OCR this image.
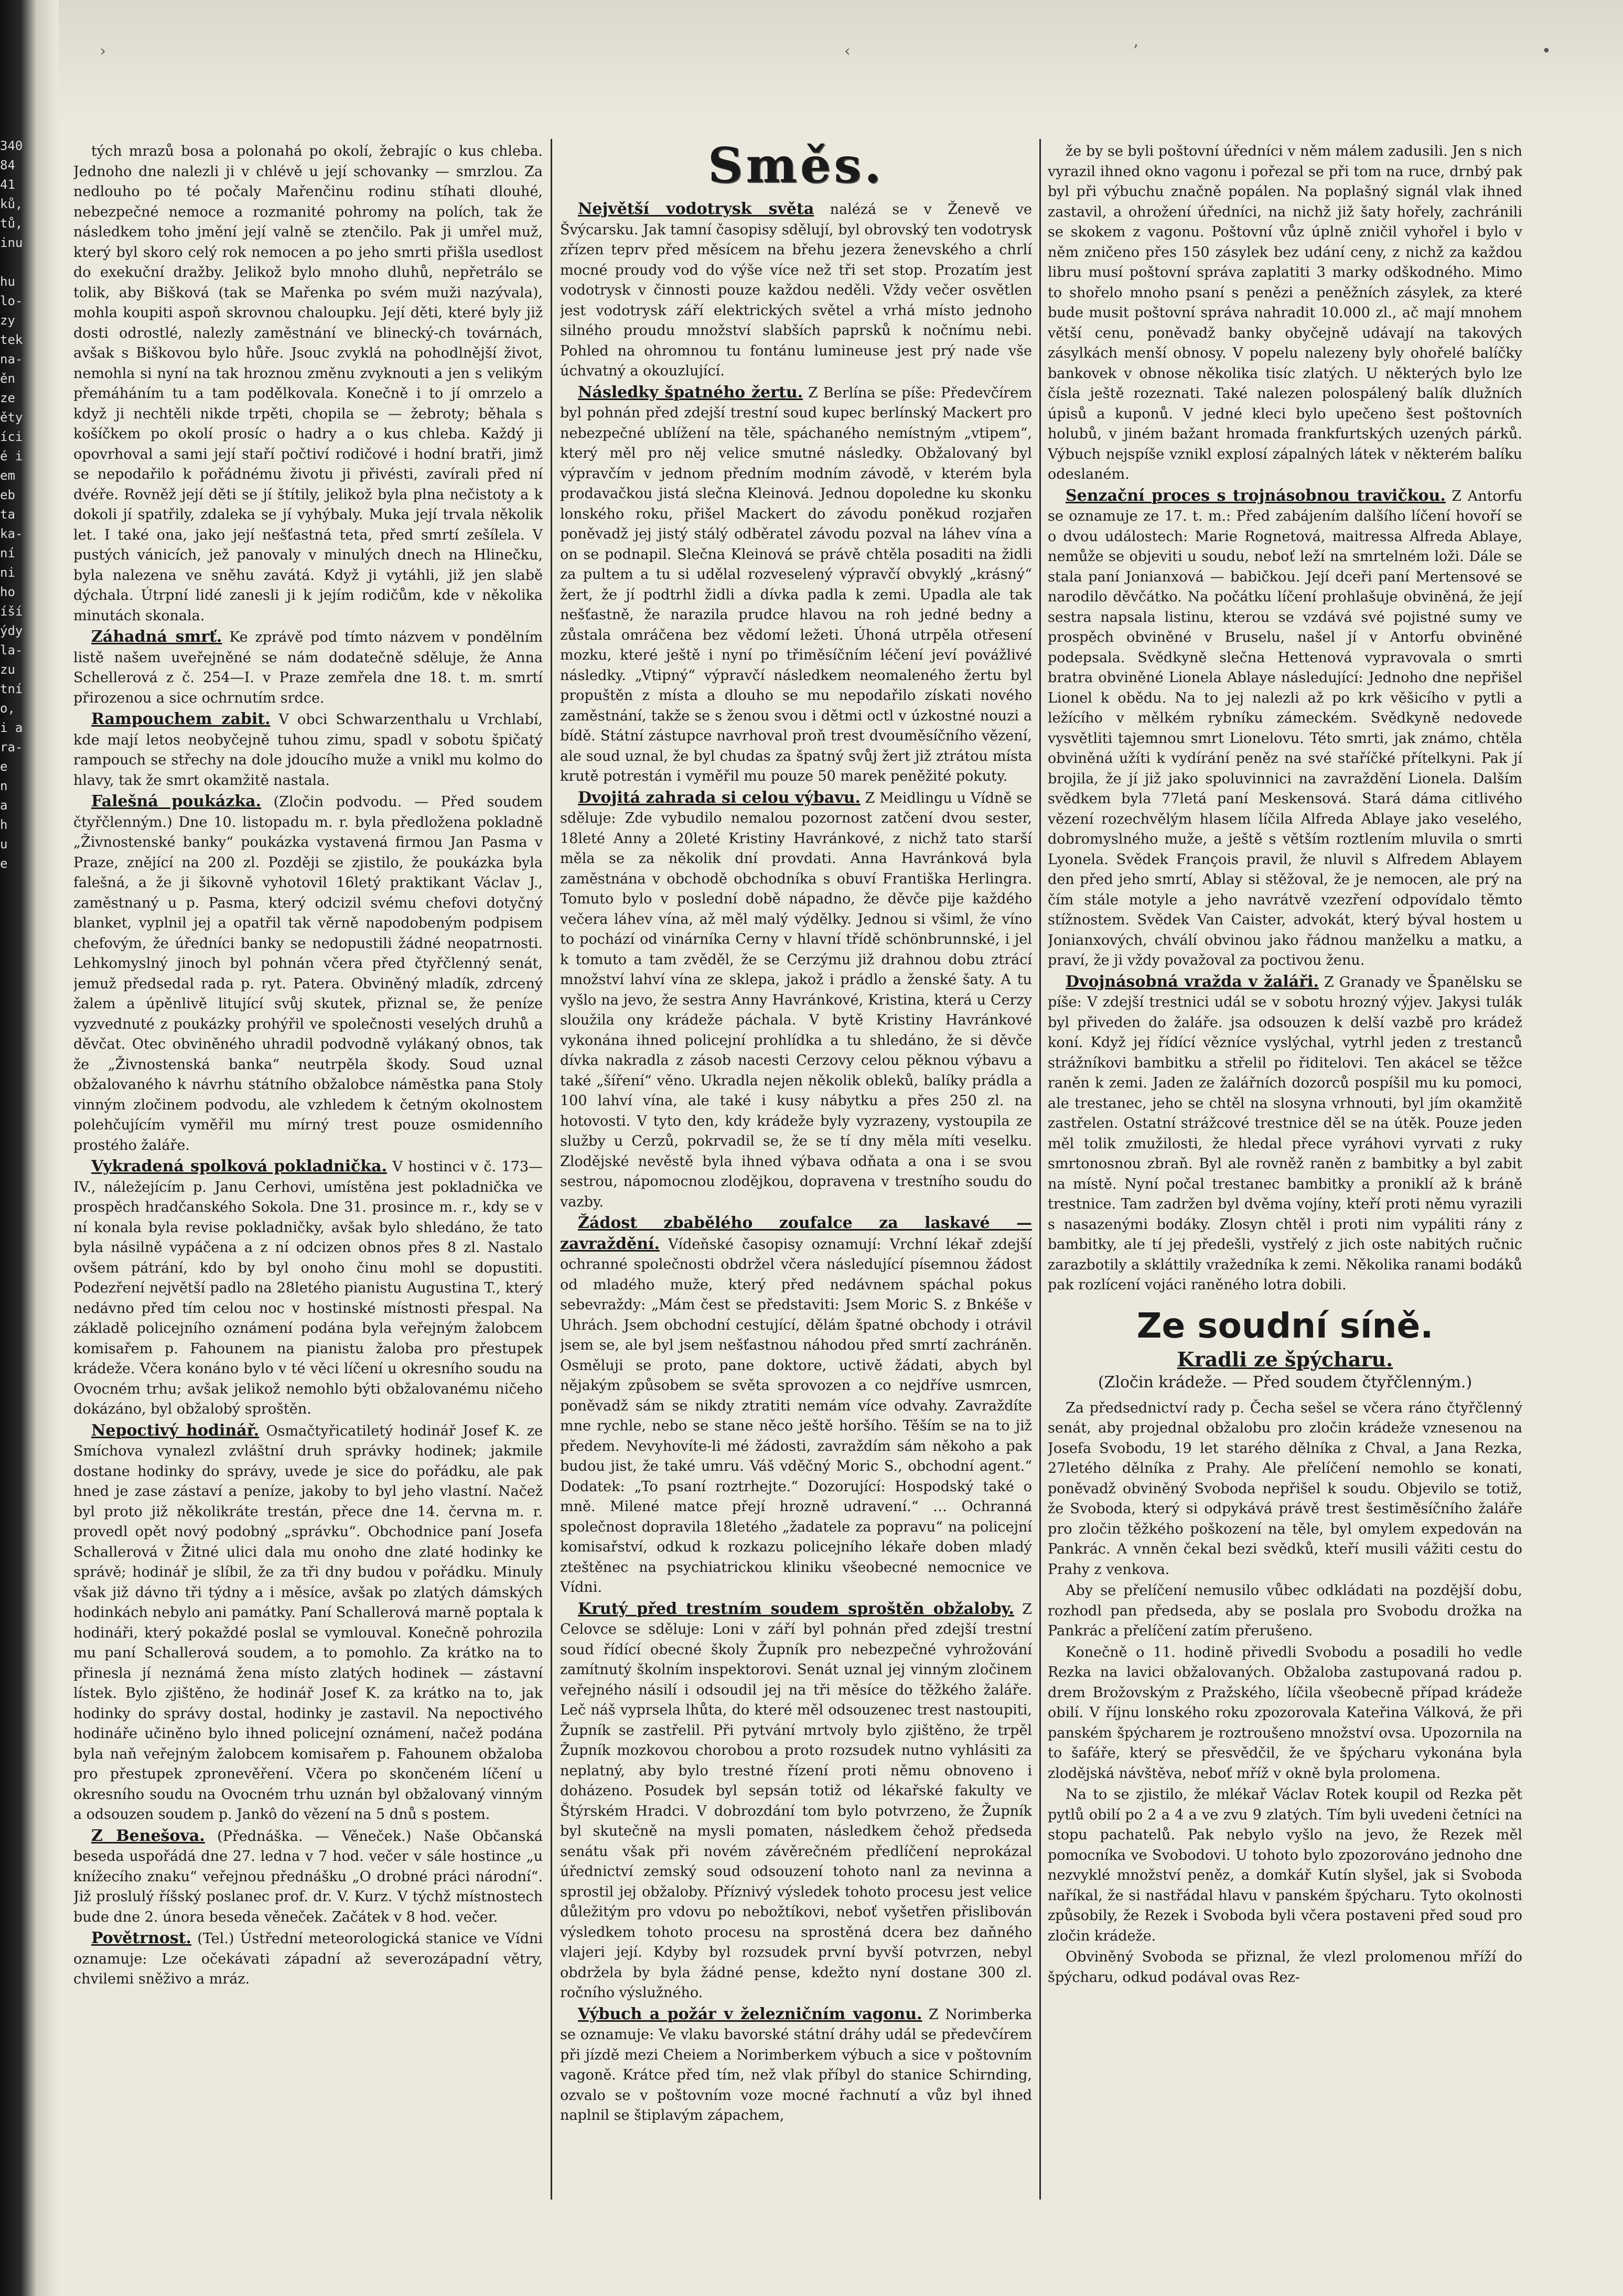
340
84
41
ků,
tů,
inu

hu
lo-
zy
tek
na-
ěn
ze
ěty
íci
é i
em
eb
ta
ka-
ní
ni
ho
íší
ýdy
la-
zu
tní
o,
i a
ra-
e
n
a
h
u
e
›	‹	ʼ	•

tých mrazů bosa a polonahá po okolí, žebrajíc o kus chleba. Jednoho dne nalezli ji v chlévě u její schovanky — smrzlou. Za nedlouho po té počaly Mařenčinu rodinu stíhati dlouhé, nebezpečné nemoce a rozmanité pohromy na polích, tak že následkem toho jmění její valně se ztenčilo. Pak ji umřel muž, který byl skoro celý rok nemocen a po jeho smrti přišla usedlost do exekuční dražby. Jelikož bylo mnoho dluhů, nepřetrálo se tolik, aby Bišková (tak se Mařenka po svém muži nazývala), mohla koupiti aspoň skrovnou chaloupku. Její děti, které byly již dosti odrostlé, nalezly zaměstnání ve blinecký-ch továrnách, avšak s Biškovou bylo hůře. Jsouc zvyklá na pohodlnější život, nemohla si nyní na tak hroznou změnu zvyknouti a jen s velikým přemáháním tu a tam podělkovala. Konečně i to jí omrzelo a když ji nechtěli nikde trpěti, chopila se — žebroty; běhala s košíčkem po okolí prosíc o hadry a o kus chleba. Každý ji opovrhoval a sami její staří počtiví rodičové i hodní bratři, jimž se nepodařilo k pořádnému životu ji přivésti, zavírali před ní dvéře. Rovněž její děti se jí štítily, jelikož byla plna nečistoty a k dokoli jí spatřily, zdaleka se jí vyhýbaly. Muka její trvala několik let. I také ona, jako její nešťastná teta, před smrtí zešílela. V pustých vánicích, jež panovaly v minulých dnech na Hlinečku, byla nalezena ve sněhu zavátá. Když ji vytáhli, již jen slabě dýchala. Útrpní lidé zanesli ji k jejím rodičům, kde v několika minutách skonala.

Záhadná smrť. Ke zprávě pod tímto názvem v pondělním listě našem uveřejněné se nám dodatečně sděluje, že Anna Schellerová z č. 254—I. v Praze zemřela dne 18. t. m. smrtí přirozenou a sice ochrnutím srdce.

Rampouchem zabit. V obci Schwarzenthalu u Vrchlabí, kde mají letos neobyčejně tuhou zimu, spadl v sobotu špičatý rampouch se střechy na dole jdoucího muže a vnikl mu kolmo do hlavy, tak že smrt okamžitě nastala.

Falešná poukázka. (Zločin podvodu. — Před soudem čtyřčlenným.) Dne 10. listopadu m. r. byla předložena pokladně „Živnostenské banky“ poukázka vystavená firmou Jan Pasma v Praze, znějící na 200 zl. Později se zjistilo, že poukázka byla falešná, a že ji šikovně vyhotovil 16letý praktikant Václav J., zaměstnaný u p. Pasma, který odcizil svému chefovi dotyčný blanket, vyplnil jej a opatřil tak věrně napodobeným podpisem chefovým, že úředníci banky se nedopustili žádné neopatrnosti. Lehkomyslný jinoch byl pohnán včera před čtyřčlenný senát, jemuž předsedal rada p. ryt. Patera. Obviněný mladík, zdrcený žalem a úpěnlivě litující svůj skutek, přiznal se, že peníze vyzvednuté z poukázky prohýřil ve společnosti veselých druhů a děvčat. Otec obviněného uhradil podvodně vylákaný obnos, tak že „Živnostenská banka“ neutrpěla škody. Soud uznal obžalovaného k návrhu státního obžalobce náměstka pana Stoly vinným zločinem podvodu, ale vzhledem k četným okolnostem polehčujícím vyměřil mu mírný trest pouze osmidenního prostého žaláře.

Vykradená spolková pokladnička. V hostinci v č. 173—IV., náležejícím p. Janu Cerhovi, umístěna jest pokladnička ve prospěch hradčanského Sokola. Dne 31. prosince m. r., kdy se v ní konala byla revise pokladničky, avšak bylo shledáno, že tato byla násilně vypáčena a z ní odcizen obnos přes 8 zl. Nastalo ovšem pátrání, kdo by byl onoho činu mohl se dopustiti. Podezření největší padlo na 28letého pianistu Augustina T., který nedávno před tím celou noc v hostinské místnosti přespal. Na základě policejního oznámení podána byla veřejným žalobcem komisařem p. Fahounem na pianistu žaloba pro přestupek krádeže. Včera konáno bylo v té věci líčení u okresního soudu na Ovocném trhu; avšak jelikož nemohlo býti obžalovanému ničeho dokázáno, byl obžalobý sproštěn.

Nepoctivý hodinář. Osmačtyřicatiletý hodinář Josef K. ze Smíchova vynalezl zvláštní druh správky hodinek; jakmile dostane hodinky do správy, uvede je sice do pořádku, ale pak hned je zase zástaví a peníze, jakoby to byl jeho vlastní. Načež byl proto již několikráte trestán, přece dne 14. června m. r. provedl opět nový podobný „správku“. Obchodnice paní Josefa Schallerová v Žitné ulici dala mu onoho dne zlaté hodinky ke správě; hodinář je slíbil, že za tři dny budou v pořádku. Minuly však již dávno tři týdny a i měsíce, avšak po zlatých dámských hodinkách nebylo ani památky. Paní Schallerová marně poptala k hodináři, který pokaždé poslal se vymlouval. Konečně pohrozila mu paní Schallerová soudem, a to pomohlo. Za krátko na to přinesla jí neznámá žena místo zlatých hodinek — zástavní lístek. Bylo zjištěno, že hodinář Josef K. za krátko na to, jak hodinky do správy dostal, hodinky je zastavil. Na nepoctivého hodináře učiněno bylo ihned policejní oznámení, načež podána byla naň veřejným žalobcem komisařem p. Fahounem obžaloba pro přestupek zpronevěření. Včera po skončeném líčení u okresního soudu na Ovocném trhu uznán byl obžalovaný vinným a odsouzen soudem p. Jankô do vězení na 5 dnů s postem.

Z Benešova. (Přednáška. — Věneček.) Naše Občanská beseda uspořádá dne 27. ledna v 7 hod. večer v sále hostince „u knížecího znaku“ veřejnou přednášku „O drobné práci národní“. Již proslulý říšský poslanec prof. dr. V. Kurz. V týchž místnostech bude dne 2. února beseda věneček. Začátek v 8 hod. večer.

Povětrnost. (Tel.) Ústřední meteorologická stanice ve Vídni oznamuje: Lze očekávati západní až severozápadní větry, chvilemi sněživo a mráz.

Směs.

Největší vodotrysk světa nalézá se v Ženevě ve Švýcarsku. Jak tamní časopisy sdělují, byl obrovský ten vodotrysk zřízen teprv před měsícem na břehu jezera ženevského a chrlí mocné proudy vod do výše více než tři set stop. Prozatím jest vodotrysk v činnosti pouze každou neděli. Vždy večer osvětlen jest vodotrysk září elektrických světel a vrhá místo jednoho silného proudu množství slabších paprsků k nočnímu nebi. Pohled na ohromnou tu fontánu lumineuse jest prý nade vše úchvatný a okouzlující.

Následky špatného žertu. Z Berlína se píše: Předevčírem byl pohnán před zdejší trestní soud kupec berlínský Mackert pro nebezpečné ublížení na těle, spáchaného nemístným „vtipem“, který měl pro něj velice smutné následky. Obžalovaný byl výpravčím v jednom předním modním závodě, v kterém byla prodavačkou jistá slečna Kleinová. Jednou dopoledne ku skonku lonského roku, přišel Mackert do závodu poněkud rozjařen poněvadž jej jistý stálý odběratel závodu pozval na láhev vína a on se podnapil. Slečna Kleinová se právě chtěla posaditi na židli za pultem a tu si udělal rozveselený výpravčí obvyklý „krásný“ žert, že jí podtrhl židli a dívka padla k zemi. Upadla ale tak nešťastně, že narazila prudce hlavou na roh jedné bedny a zůstala omráčena bez vědomí ležeti. Úhoná utrpěla otřesení mozku, které ještě i nyní po třiměsíčním léčení jeví povážlivé následky. „Vtipný“ výpravčí následkem neomaleného žertu byl propuštěn z místa a dlouho se mu nepodařilo získati nového zaměstnání, takže se s ženou svou i dětmi octl v úzkostné nouzi a bídě. Státní zástupce navrhoval proň trest dvouměsíčního vězení, ale soud uznal, že byl chudas za špatný svůj žert již ztrátou místa krutě potrestán i vyměřil mu pouze 50 marek peněžité pokuty.

Dvojitá zahrada si celou výbavu. Z Meidlingu u Vídně se sděluje: Zde vybudilo nemalou pozornost zatčení dvou sester, 18leté Anny a 20leté Kristiny Havránkové, z nichž tato starší měla se za několik dní provdati. Anna Havránková byla zaměstnána v obchodě obchodníka s obuví Františka Herlingra. Tomuto bylo v poslední době nápadno, že děvče pije každého večera láhev vína, až měl malý výdělky. Jednou si všiml, že víno to pochází od vinárníka Cerny v hlavní třídě schönbrunnské, i jel k tomuto a tam zvěděl, že se Cerzýmu již drahnou dobu ztrácí množství lahví vína ze sklepa, jakož i prádlo a ženské šaty. A tu vyšlo na jevo, že sestra Anny Havránkové, Kristina, která u Cerzy sloužila ony krádeže páchala. V bytě Kristiny Havránkové vykonána ihned policejní prohlídka a tu shledáno, že si děvče dívka nakradla z zásob nacesti Cerzovy celou pěknou výbavu a také „šíření“ věno. Ukradla nejen několik obleků, balíky prádla a 100 lahví vína, ale také i kusy nábytku a přes 250 zl. na hotovosti. V tyto den, kdy krádeže byly vyzrazeny, vystoupila ze služby u Cerzů, pokrvadil se, že se tí dny měla míti veselku. Zlodějské nevěstě byla ihned výbava odňata a ona i se svou sestrou, nápomocnou zlodějkou, dopravena v trestního soudu do vazby.

Žádost zbabělého zoufalce za laskavé — zavraždění. Vídeňské časopisy oznamují: Vrchní lékař zdejší ochranné společnosti obdržel včera následující písemnou žádost od mladého muže, který před nedávnem spáchal pokus sebevraždy: „Mám čest se představiti: Jsem Moric S. z Bnkéše v Uhrách. Jsem obchodní cestující, dělám špatné obchody i otrávil jsem se, ale byl jsem nešťastnou náhodou před smrtí zachráněn. Osměluji se proto, pane doktore, uctivě žádati, abych byl nějakým způsobem se světa sprovozen a co nejdříve usmrcen, poněvadž sám se nikdy ztratiti nemám více odvahy. Zavraždíte mne rychle, nebo se stane něco ještě horšího. Těším se na to již předem. Nevyhovíte-li mé žádosti, zavraždím sám někoho a pak budou jist, že také umru. Váš vděčný Moric S., obchodní agent.“ Dodatek: „To psaní roztrhejte.“ Dozorující: Hospodský také o mně. Milené matce přejí hrozně udravení.“ … Ochranná společnost dopravila 18letého „žadatele za popravu“ na policejní komisařství, odkud k rozkazu policejního lékaře doben mladý zteštěnec na psychiatrickou kliniku všeobecné nemocnice ve Vídni.

Krutý před trestním soudem sproštěn obžaloby. Z Celovce se sděluje: Loni v září byl pohnán před zdejší trestní soud řídící obecné školy Župník pro nebezpečné vyhrožování zamítnutý školním inspektorovi. Senát uznal jej vinným zločinem veřejného násilí i odsoudil jej na tři měsíce do těžkého žaláře. Leč náš vyprsela lhůta, do které měl odsouzenec trest nastoupiti, Župník se zastřelil. Při pytvání mrtvoly bylo zjištěno, že trpěl Župník mozkovou chorobou a proto rozsudek nutno vyhlásiti za neplatný, aby bylo trestné řízení proti němu obnoveno i doházeno. Posudek byl sepsán totiž od lékařské fakulty ve Štýrském Hradci. V dobrozdání tom bylo potvrzeno, že Župník byl skutečně na mysli pomaten, následkem čehož předseda senátu však při novém závěrečném předlíčení neprokázal úřednictví zemský soud odsouzení tohoto nanl za nevinna a sprostil jej obžaloby. Příznivý výsledek tohoto procesu jest velice důležitým pro vdovu po nebožtíkovi, neboť vyšetřen přislibován výsledkem tohoto procesu na sprostěná dcera bez daňného vlajeri její. Kdyby byl rozsudek první byvší potvrzen, nebyl obdržela by byla žádné pense, kdežto nyní dostane 300 zl. ročního výslužného.

Výbuch a požár v železničním vagonu. Z Norimberka se oznamuje: Ve vlaku bavorské státní dráhy udál se předevčírem při jízdě mezi Cheiem a Norimberkem výbuch a sice v poštovním vagoně. Krátce před tím, než vlak příbyl do stanice Schirnding, ozvalo se v poštovním voze mocné řachnutí a vůz byl ihned naplnil se štiplavým zápachem,

že by se byli poštovní úředníci v něm málem zadusili. Jen s nich vyrazil ihned okno vagonu i pořezal se při tom na ruce, drnbý pak byl při výbuchu značně popálen. Na poplašný signál vlak ihned zastavil, a ohrožení úředníci, na nichž již šaty hořely, zachránili se skokem z vagonu. Poštovní vůz úplně zničil vyhořel i bylo v něm zničeno přes 150 zásylek bez udání ceny, z nichž za každou libru musí poštovní správa zaplatiti 3 marky odškodného. Mimo to shořelo mnoho psaní s penězi a peněžních zásylek, za které bude musit poštovní správa nahradit 10.000 zl., ač mají mnohem větší cenu, poněvadž banky obyčejně udávají na takových zásylkách menší obnosy. V popelu nalezeny byly ohořelé balíčky bankovek v obnose několika tisíc zlatých. U některých bylo lze čísla ještě rozeznati. Také nalezen polospálený balík dlužních úpisů a kuponů. V jedné kleci bylo upečeno šest poštovních holubů, v jiném bažant hromada frankfurtských uzených párků. Výbuch nejspíše vznikl explosí zápalných látek v některém balíku odeslaném.

Senzační proces s trojnásobnou travičkou. Z Antorfu se oznamuje ze 17. t. m.: Před zabájením dalšího líčení hovoří se o dvou událostech: Marie Rognetová, maitressa Alfreda Ablaye, nemůže se objeviti u soudu, neboť leží na smrtelném loži. Dále se stala paní Jonianxová — babičkou. Její dceři paní Mertensové se narodilo děvčátko. Na počátku líčení prohlašuje obviněná, že její sestra napsala listinu, kterou se vzdává své pojistné sumy ve prospěch obviněné v Bruselu, našel jí v Antorfu obviněné podepsala. Svědkyně slečna Hettenová vypravovala o smrti bratra obviněné Lionela Ablaye následující: Jednoho dne nepřišel Lionel k obědu. Na to jej nalezli až po krk věšicího v pytli a ležícího v mělkém rybníku zámeckém. Svědkyně nedovede vysvětliti tajemnou smrt Lionelovu. Této smrti, jak známo, chtěla obviněná užíti k vydírání peněz na své staříčké přítelkyni. Pak jí brojila, že jí již jako spoluvinnici na zavraždění Lionela. Dalším svědkem byla 77letá paní Meskensová. Stará dáma citlivého vězení rozechvělým hlasem líčila Alfreda Ablaye jako veselého, dobromyslného muže, a ještě s větším roztlením mluvila o smrti Lyonela. Svědek François pravil, že nluvil s Alfredem Ablayem den před jeho smrtí, Ablay si stěžoval, že je nemocen, ale prý na čím stále motyle a jeho navrátvě vzezření odpovídalo těmto stížnostem. Svědek Van Caister, advokát, který býval hostem u Jonianxových, chválí obvinou jako řádnou manželku a matku, a praví, že ji vždy považoval za poctivou ženu.

Dvojnásobná vražda v žaláři. Z Granady ve Španělsku se píše: V zdejší trestnici udál se v sobotu hrozný výjev. Jakysi tulák byl přiveden do žaláře. jsa odsouzen k delší vazbě pro krádež koní. Když jej řídící vězníce vyslýchal, vytrhl jeden z trestanců strážníkovi bambitku a střelil po řiditelovi. Ten akácel se těžce raněn k zemi. Jaden ze žalářních dozorců pospíšil mu ku pomoci, ale trestanec, jeho se chtěl na slosyna vrhnouti, byl jím okamžitě zastřelen. Ostatní strážcové trestnice děl se na útěk. Pouze jeden měl tolik zmužilosti, že hledal přece vyráhovi vyrvati z ruky smrtonosnou zbraň. Byl ale rovněž raněn z bambitky a byl zabit na místě. Nyní počal trestanec bambitky a proniklí až k bráně trestnice. Tam zadržen byl dvěma vojíny, kteří proti němu vyrazili s nasazenými bodáky. Zlosyn chtěl i proti nim vypáliti rány z bambitky, ale tí jej předešli, vystřelý z jich oste nabitých ručnic zarazbotily a skláttily vražedníka k zemi. Několika ranami bodáků pak rozlícení vojáci raněného lotra dobili.

Ze soudní síně.
Kradli ze špýcharu.
(Zločin krádeže. — Před soudem čtyřčlenným.)

Za předsednictví rady p. Čecha sešel se včera ráno čtyřčlenný senát, aby projednal obžalobu pro zločin krádeže vznesenou na Josefa Svobodu, 19 let starého dělníka z Chval, a Jana Rezka, 27letého dělníka z Prahy. Ale přelíčení nemohlo se konati, poněvadž obviněný Svoboda nepřišel k soudu. Objevilo se totiž, že Svoboda, který si odpykává právě trest šestiměsíčního žaláře pro zločin těžkého poškození na těle, byl omylem expedován na Pankrác. A vnněn čekal bezi svědků, kteří musili vážiti cestu do Prahy z venkova.

Aby se přelíčení nemusilo vůbec odkládati na pozdější dobu, rozhodl pan předseda, aby se poslala pro Svobodu drožka na Pankrác a přelíčení zatím přerušeno.

Konečně o 11. hodině přivedli Svobodu a posadili ho vedle Rezka na lavici obžalovaných. Obžaloba zastupovaná radou p. drem Brožovským z Pražského, líčila všeobecně případ krádeže obilí. V říjnu lonského roku zpozorovala Kateřina Válková, že při panském špýcharem je roztroušeno množství ovsa. Upozornila na to šafáře, který se přesvědčil, že ve špýcharu vykonána byla zlodějská návštěva, neboť mříž v okně byla prolomena.

Na to se zjistilo, že mlékař Václav Rotek koupil od Rezka pět pytlů obilí po 2 a 4 a ve zvu 9 zlatých. Tím byli uvedeni četníci na stopu pachatelů. Pak nebylo vyšlo na jevo, že Rezek měl pomocníka ve Svobodovi. U tohoto bylo zpozorováno jednoho dne nezvyklé množství peněz, a domkář Kutín slyšel, jak si Svoboda naříkal, že si nastřádal hlavu v panském špýcharu. Tyto okolnosti způsobily, že Rezek i Svoboda byli včera postaveni před soud pro zločin krádeže.

Obviněný Svoboda se přiznal, že vlezl prolomenou mříží do špýcharu, odkud podával ovas Rez-
